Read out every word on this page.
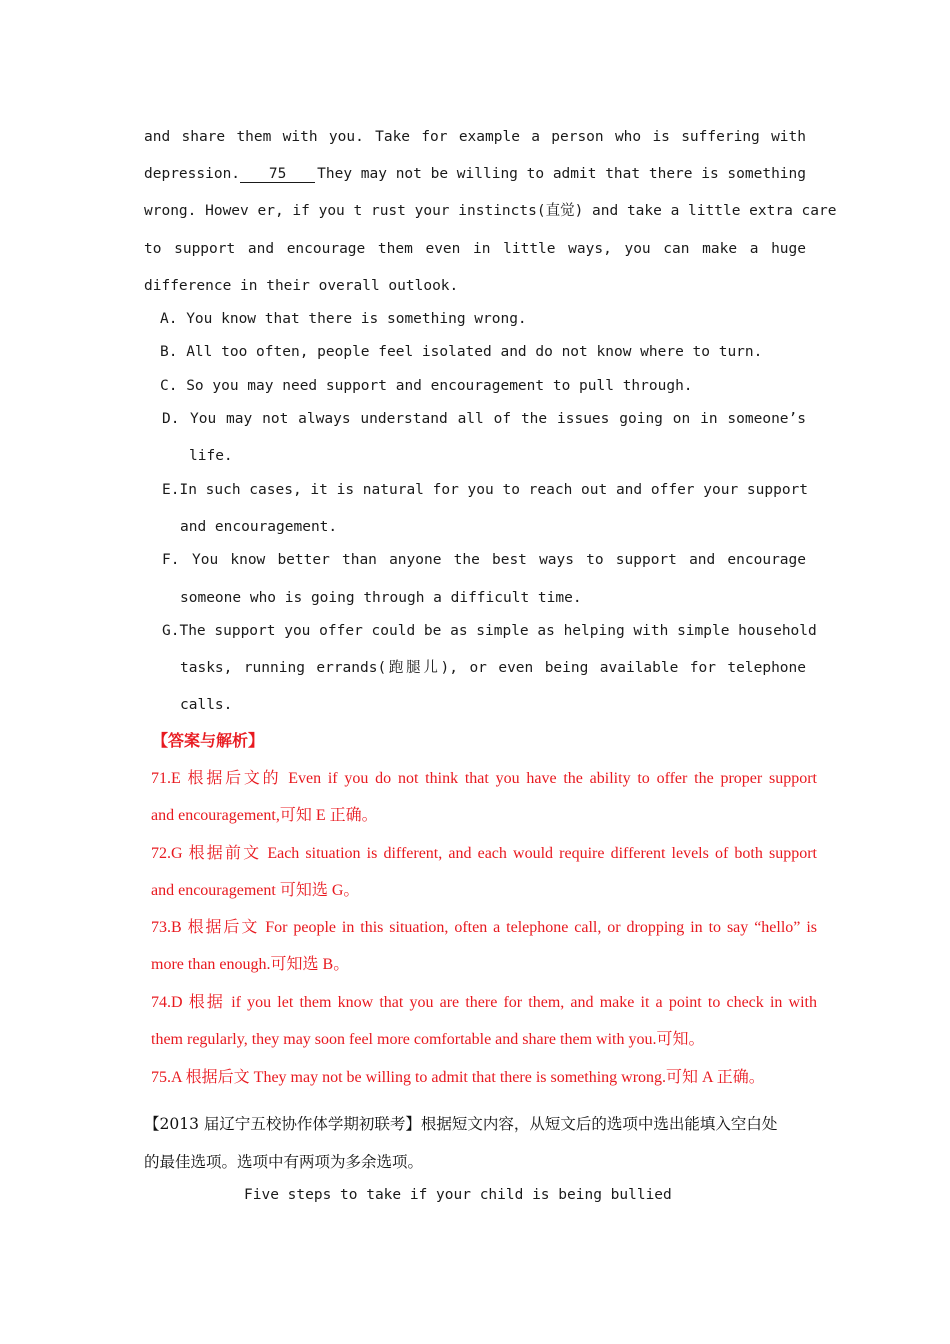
and share them with you. Take for example a person who is suffering with
depression.	75	They may not be willing to admit that there is something
wrong. Howev er, if you t rust your instincts(直觉) and take a little extra care
to support and encourage them even in little ways, you can make a huge
difference in their overall outlook.
A. You know that there is something wrong.
B. All too often, people feel isolated and do not know where to turn.
C. So you may need support and encouragement to pull through.
D. You may not always understand all of the issues going on in someone’s
life.
E. In such cases, it is natural for you to reach out and offer your support
and encouragement.
F. You know better than anyone the best ways to support and encourage
someone who is going through a difficult time.
G. The support you offer could be as simple as helping with simple household
tasks, running errands(跑腿儿), or even being available for telephone
calls.
【答案与解析】
71.E 根据后文的 Even if you do not think that you have the ability to offer the proper support
and encouragement,可知 E 正确。
72.G 根据前文 Each situation is different, and each would require different levels of both support
and encouragement 可知选 G。
73.B 根据后文 For people in this situation, often a telephone call, or dropping in to say “hello” is
more than enough.可知选 B。
74.D 根据 if you let them know that you are there for them, and make it a point to check in with
them regularly, they may soon feel more comfortable and share them with you.可知。
75.A 根据后文 They may not be willing to admit that there is something wrong.可知 A 正确。
【2013 届辽宁五校协作体学期初联考】根据短文内容，从短文后的选项中选出能填入空白处
的最佳选项。选项中有两项为多余选项。
Five steps to take if your child is being bullied
